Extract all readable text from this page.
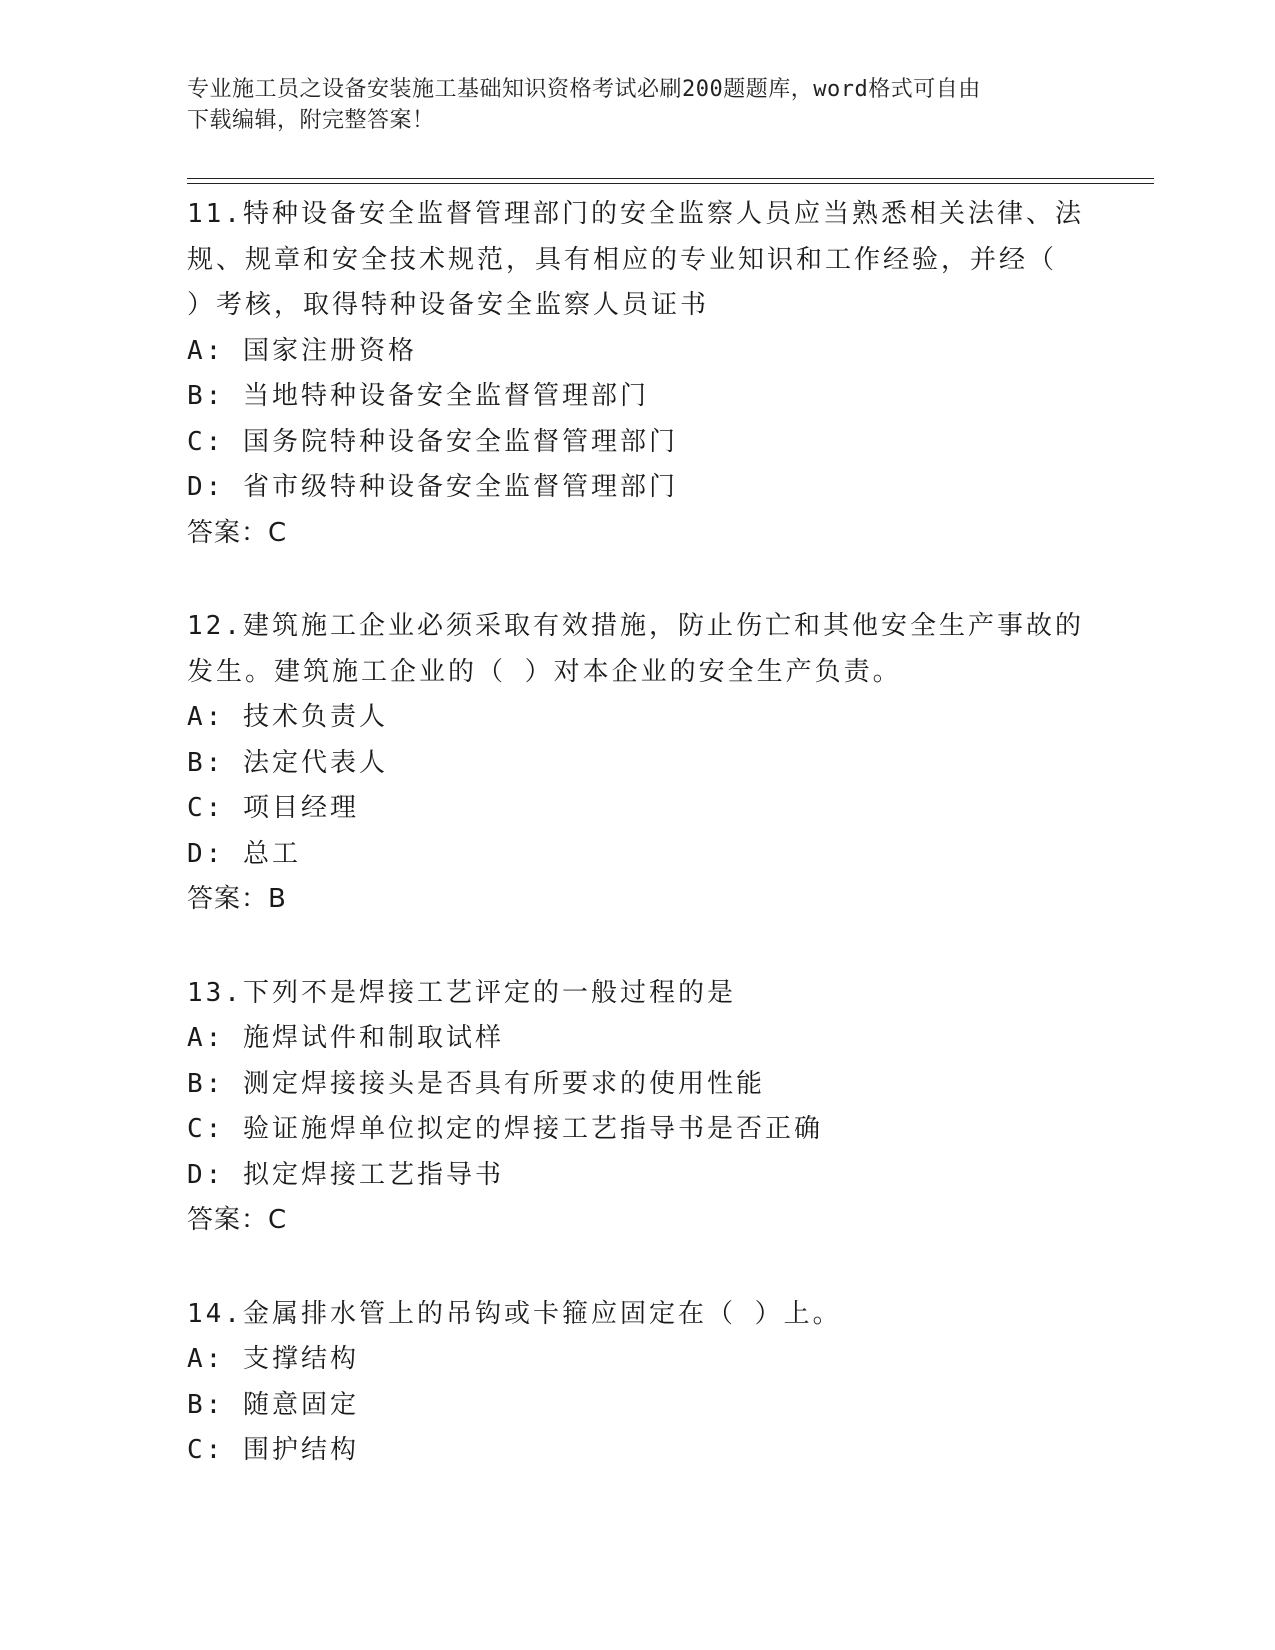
专业施工员之设备安装施工基础知识资格考试必刷200题题库，word格式可自由
下载编辑，附完整答案！
11.特种设备安全监督管理部门的安全监察人员应当熟悉相关法律、法
规、规章和安全技术规范，具有相应的专业知识和工作经验，并经（
）考核，取得特种设备安全监察人员证书
A: 国家注册资格
B: 当地特种设备安全监督管理部门
C: 国务院特种设备安全监督管理部门
D: 省市级特种设备安全监督管理部门
答案：C
12.建筑施工企业必须采取有效措施，防止伤亡和其他安全生产事故的
发生。建筑施工企业的（ ）对本企业的安全生产负责。
A: 技术负责人
B: 法定代表人
C: 项目经理
D: 总工
答案：B
13.下列不是焊接工艺评定的一般过程的是
A: 施焊试件和制取试样
B: 测定焊接接头是否具有所要求的使用性能
C: 验证施焊单位拟定的焊接工艺指导书是否正确
D: 拟定焊接工艺指导书
答案：C
14.金属排水管上的吊钩或卡箍应固定在（ ）上。
A: 支撑结构
B: 随意固定
C: 围护结构
